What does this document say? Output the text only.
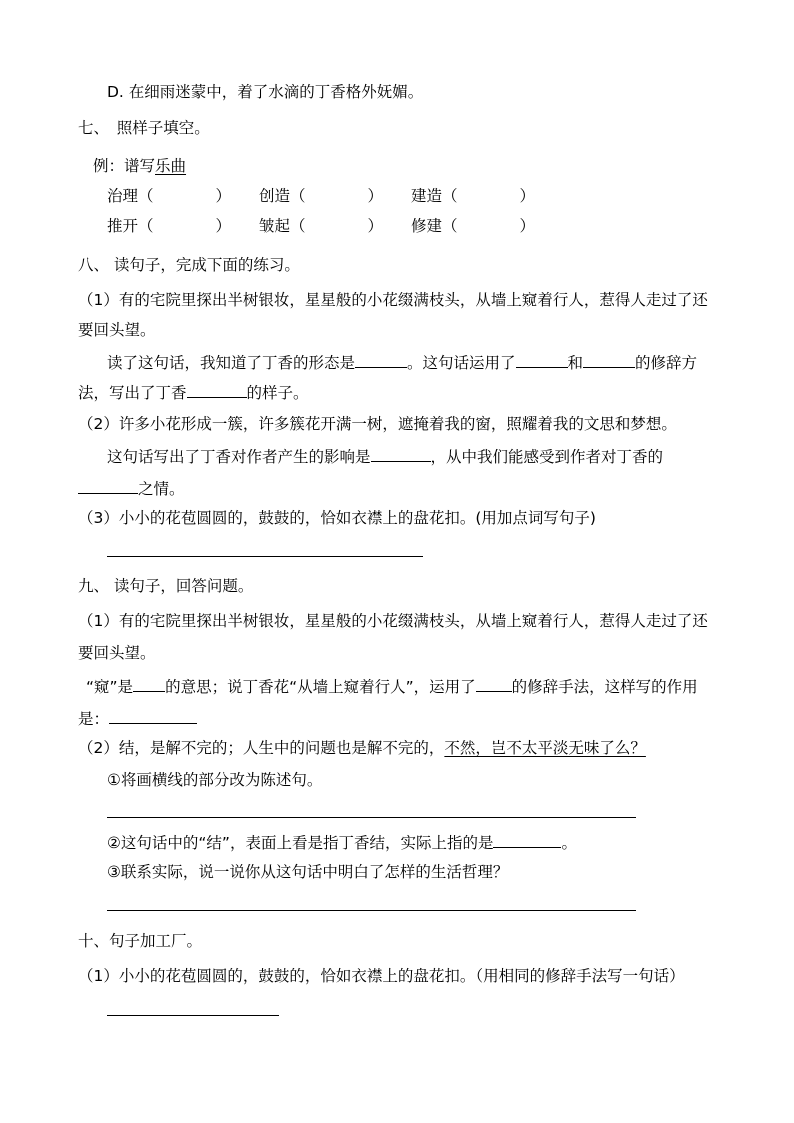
D. 在细雨迷蒙中，着了水滴的丁香格外妩媚。
七、　照样子填空。
例：谱写乐曲
治理（　　　　） 创造（　　　　） 建造（　　　　）
推开（　　　　） 皱起（　　　　） 修建（　　　　）
八、 读句子，完成下面的练习。
（1）有的宅院里探出半树银妆，星星般的小花缀满枝头，从墙上窥着行人，惹得人走过了还
要回头望。
读了这句话，我知道了丁香的形态是	。这句话运用了	和	的修辞方
法，写出了丁香	的样子。
（2）许多小花形成一簇，许多簇花开满一树，遮掩着我的窗，照耀着我的文思和梦想。
这句话写出了丁香对作者产生的影响是	，从中我们能感受到作者对丁香的
之情。
（3）小小的花苞圆圆的，鼓鼓的，恰如衣襟上的盘花扣。(用加点词写句子)
九、 读句子，回答问题。
（1）有的宅院里探出半树银妆，星星般的小花缀满枝头，从墙上窥着行人，惹得人走过了还
要回头望。
“窥”是 的意思；说丁香花“从墙上窥着行人”，运用了 的修辞手法，这样写的作用
是：
（2）结，是解不完的；人生中的问题也是解不完的，不然，岂不太平淡无味了么？
①将画横线的部分改为陈述句。
②这句话中的“结”，表面上看是指丁香结，实际上指的是	。
③联系实际，说一说你从这句话中明白了怎样的生活哲理？
十、句子加工厂。
（1）小小的花苞圆圆的，鼓鼓的，恰如衣襟上的盘花扣。（用相同的修辞手法写一句话）
